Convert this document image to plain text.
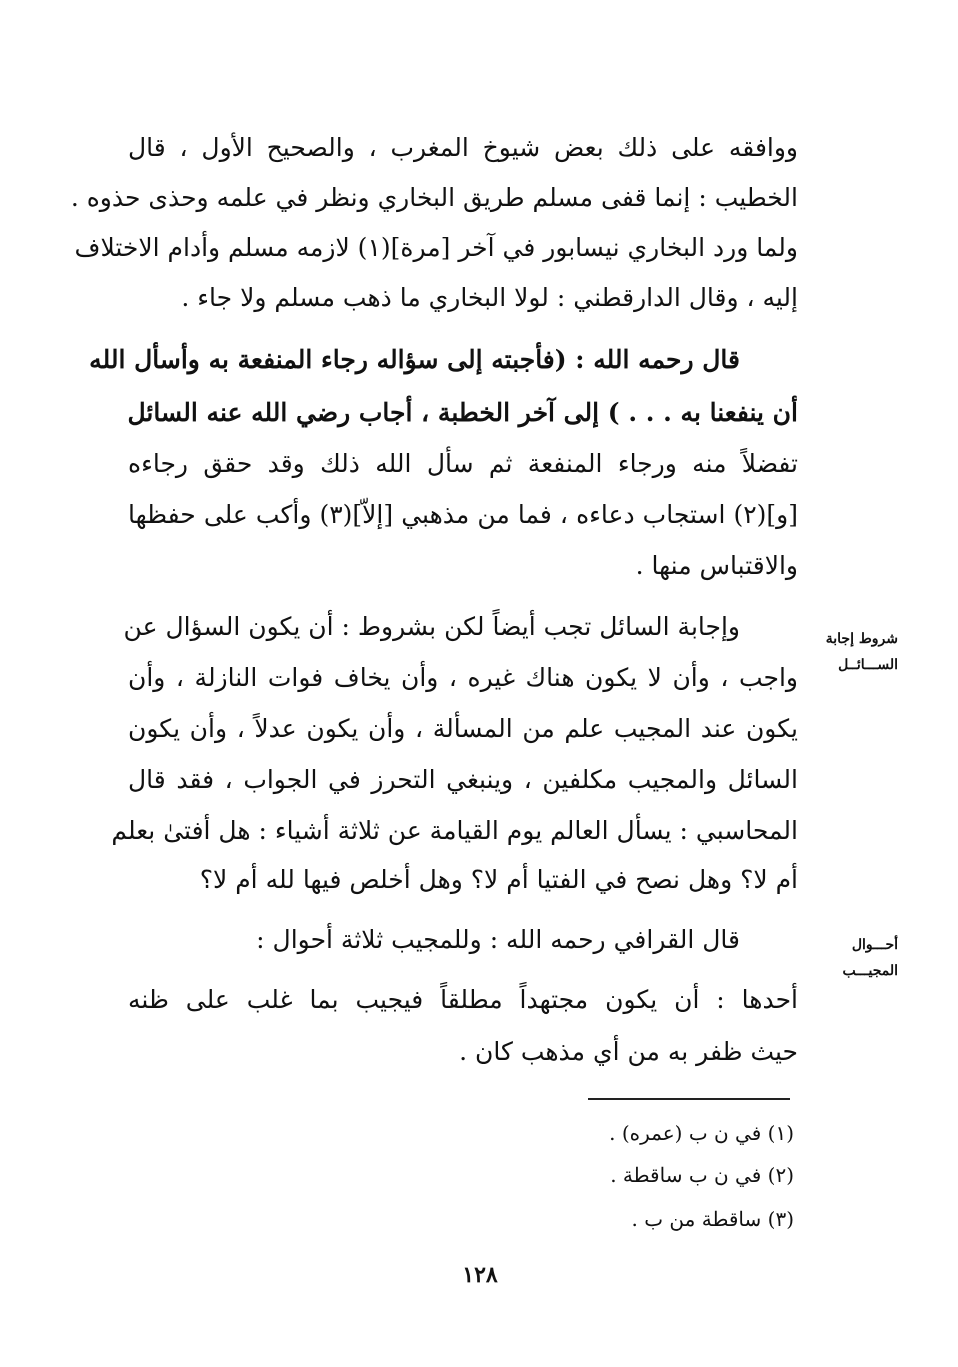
ووافقه على ذلك بعض شيوخ المغرب ، والصحيح الأول ، قال
الخطيب : إنما قفى مسلم طريق البخاري ونظر في علمه وحذى حذوه .
ولما ورد البخاري نيسابور في آخر [مرة](١) لازمه مسلم وأدام الاختلاف
إليه ، وقال الدارقطني : لولا البخاري ما ذهب مسلم ولا جاء .
قال رحمه الله : (فأجبته إلى سؤاله رجاء المنفعة به وأسأل الله
أن ينفعنا به . . . ) إلى آخر الخطبة ، أجاب رضي الله عنه السائل
تفضلاً منه ورجاء المنفعة ثم سأل الله ذلك وقد حقق رجاءه
[و](٢) استجاب دعاءه ، فما من مذهبي [إلاّ](٣) وأكب على حفظها
والاقتباس منها .
وإجابة السائل تجب أيضاً لكن بشروط : أن يكون السؤال عن
واجب ، وأن لا يكون هناك غيره ، وأن يخاف فوات النازلة ، وأن
يكون عند المجيب علم من المسألة ، وأن يكون عدلاً ، وأن يكون
السائل والمجيب مكلفين ، وينبغي التحرز في الجواب ، فقد قال
المحاسبي : يسأل العالم يوم القيامة عن ثلاثة أشياء : هل أفتىٰ بعلم
أم لا؟ وهل نصح في الفتيا أم لا؟ وهل أخلص فيها لله أم لا؟
قال القرافي رحمه الله : وللمجيب ثلاثة أحوال :
أحدها : أن يكون مجتهداً مطلقاً فيجيب بما غلب على ظنه
حيث ظفر به من أي مذهب كان .
شروط إجابة
الســـائــل
أحـــوال
المجيـــب
(١) في ن ب (عمره) .
(٢) في ن ب ساقطة .
(٣) ساقطة من ب .
١٢٨
